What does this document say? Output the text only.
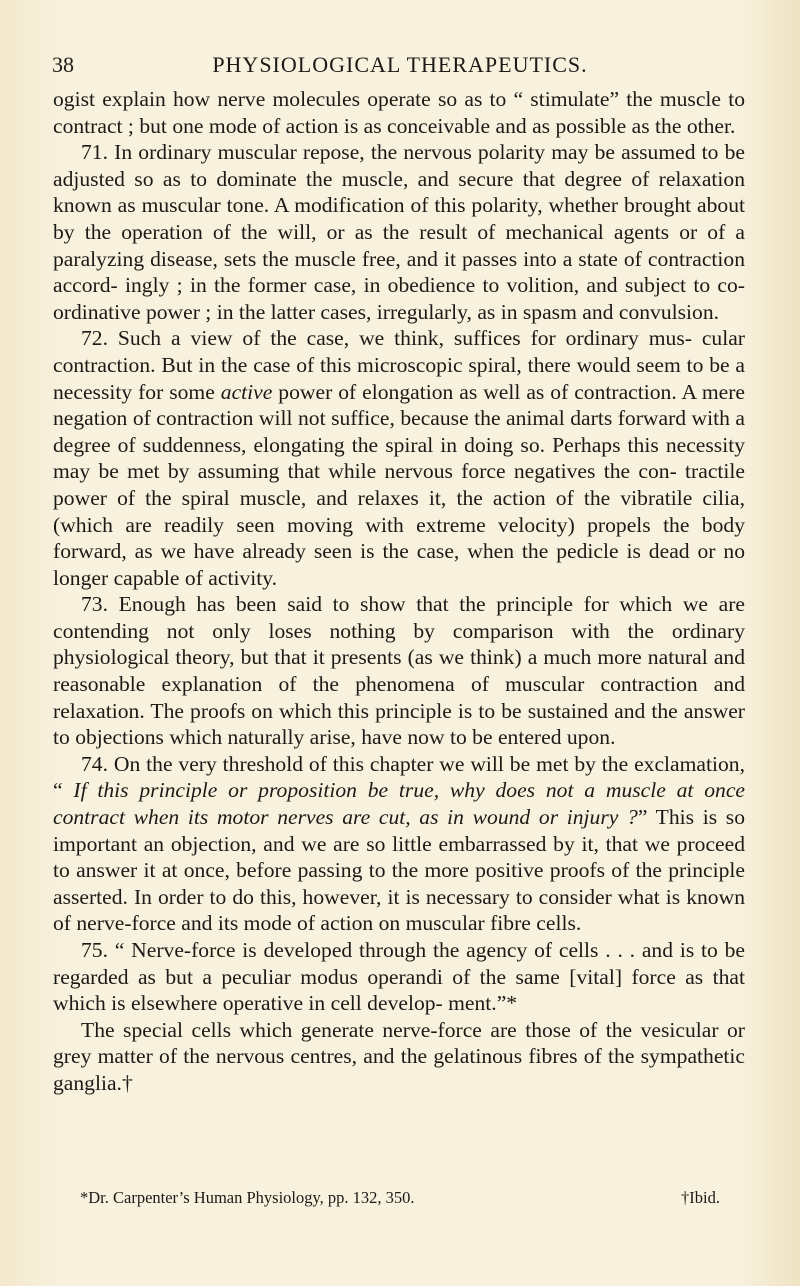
38	PHYSIOLOGICAL THERAPEUTICS.

ogist explain how nerve molecules operate so as to “ stimulate” the muscle to contract ; but one mode of action is as conceivable and as possible as the other.

71. In ordinary muscular repose, the nervous polarity may be assumed to be adjusted so as to dominate the muscle, and secure that degree of relaxation known as muscular tone. A modification of this polarity, whether brought about by the operation of the will, or as the result of mechanical agents or of a paralyzing disease, sets the muscle free, and it passes into a state of contraction accord- ingly ; in the former case, in obedience to volition, and subject to co-ordinative power ; in the latter cases, irregularly, as in spasm and convulsion.

72. Such a view of the case, we think, suffices for ordinary mus- cular contraction. But in the case of this microscopic spiral, there would seem to be a necessity for some active power of elongation as well as of contraction. A mere negation of contraction will not suffice, because the animal darts forward with a degree of suddenness, elongating the spiral in doing so. Perhaps this necessity may be met by assuming that while nervous force negatives the con- tractile power of the spiral muscle, and relaxes it, the action of the vibratile cilia, (which are readily seen moving with extreme velocity) propels the body forward, as we have already seen is the case, when the pedicle is dead or no longer capable of activity.

73. Enough has been said to show that the principle for which we are contending not only loses nothing by comparison with the ordinary physiological theory, but that it presents (as we think) a much more natural and reasonable explanation of the phenomena of muscular contraction and relaxation. The proofs on which this principle is to be sustained and the answer to objections which naturally arise, have now to be entered upon.

74. On the very threshold of this chapter we will be met by the exclamation, “ If this principle or proposition be true, why does not a muscle at once contract when its motor nerves are cut, as in wound or injury ?” This is so important an objection, and we are so little embarrassed by it, that we proceed to answer it at once, before passing to the more positive proofs of the principle asserted. In order to do this, however, it is necessary to consider what is known of nerve-force and its mode of action on muscular fibre cells.

75. “ Nerve-force is developed through the agency of cells . . . and is to be regarded as but a peculiar modus operandi of the same [vital] force as that which is elsewhere operative in cell develop- ment.”*

The special cells which generate nerve-force are those of the vesicular or grey matter of the nervous centres, and the gelatinous fibres of the sympathetic ganglia.†

*Dr. Carpenter’s Human Physiology, pp. 132, 350.	†Ibid.
